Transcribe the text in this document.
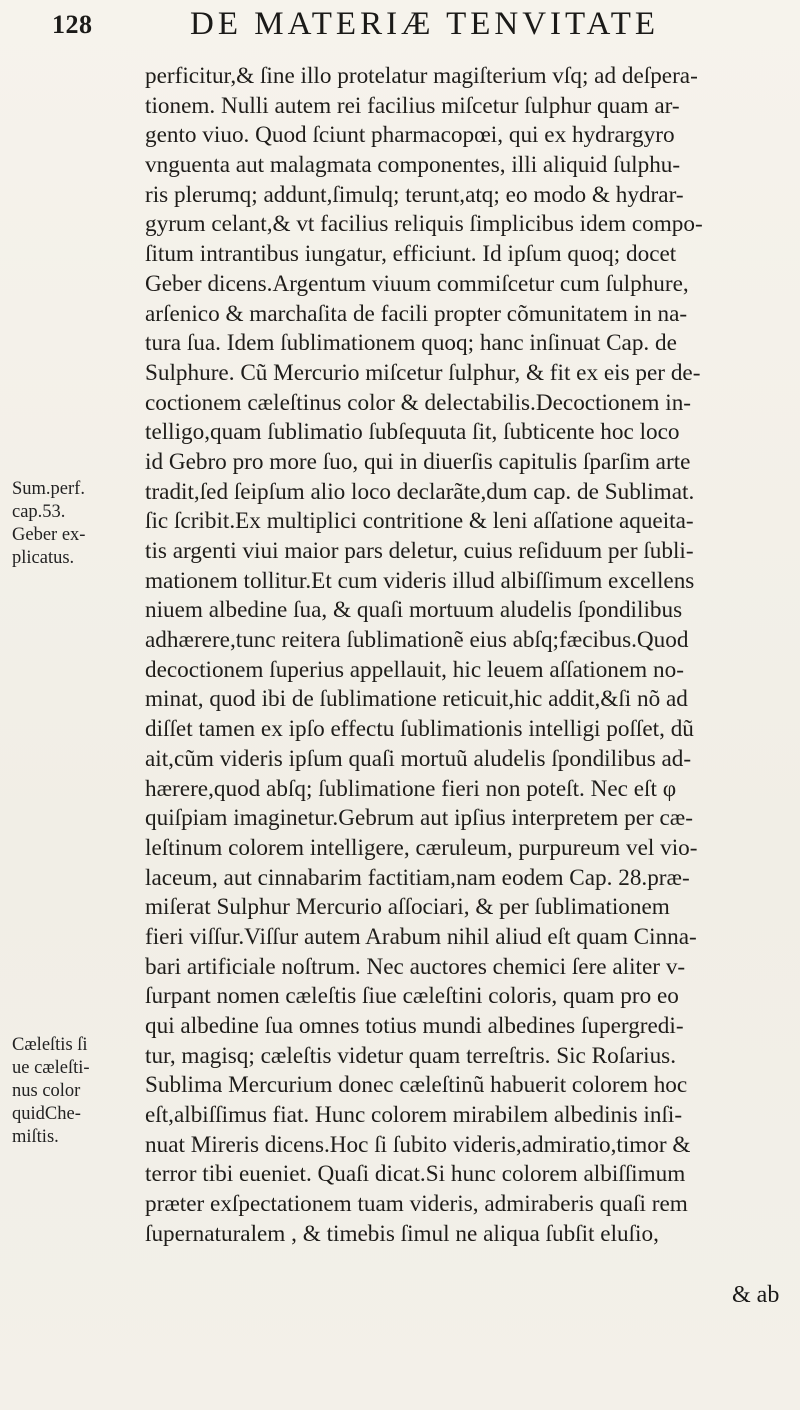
128	DE MATERIÆ TENVITATE
Sum.perf.
cap.53.
Geber ex-
plicatus.
Cæleſtis ſi
ue cæleſti-
nus color
quidChe-
miſtis.
perficitur,& ſine illo protelatur magiſterium vſq; ad deſpera-
tionem. Nulli autem rei facilius miſcetur ſulphur quam ar-
gento viuo. Quod ſciunt pharmacopœi, qui ex hydrargyro
vnguenta aut malagmata componentes, illi aliquid ſulphu-
ris plerumq; addunt,ſimulq; terunt,atq; eo modo & hydrar-
gyrum celant,& vt facilius reliquis ſimplicibus idem compo-
ſitum intrantibus iungatur, efficiunt. Id ipſum quoq; docet
Geber dicens.Argentum viuum commiſcetur cum ſulphure,
arſenico & marchaſita de facili propter cõmunitatem in na-
tura ſua. Idem ſublimationem quoq; hanc inſinuat Cap. de
Sulphure. Cũ Mercurio miſcetur ſulphur, & fit ex eis per de-
coctionem cæleſtinus color & delectabilis.Decoctionem in-
telligo,quam ſublimatio ſubſequuta ſit, ſubticente hoc loco
id Gebro pro more ſuo, qui in diuerſis capitulis ſparſim arte
tradit,ſed ſeipſum alio loco declarãte,dum cap. de Sublimat.
ſic ſcribit.Ex multiplici contritione & leni aſſatione aqueita-
tis argenti viui maior pars deletur, cuius reſiduum per ſubli-
mationem tollitur.Et cum videris illud albiſſimum excellens
niuem albedine ſua, & quaſi mortuum aludelis ſpondilibus
adhærere,tunc reitera ſublimationẽ eius abſq;fæcibus.Quod
decoctionem ſuperius appellauit, hic leuem aſſationem no-
minat, quod ibi de ſublimatione reticuit,hic addit,&ſi nõ ad
diſſet tamen ex ipſo effectu ſublimationis intelligi poſſet, dũ
ait,cũm videris ipſum quaſi mortuũ aludelis ſpondilibus ad-
hærere,quod abſq; ſublimatione fieri non poteſt. Nec eſt φ
quiſpiam imaginetur.Gebrum aut ipſius interpretem per cæ-
leſtinum colorem intelligere, cæruleum, purpureum vel vio-
laceum, aut cinnabarim factitiam,nam eodem Cap. 28.præ-
miſerat Sulphur Mercurio aſſociari, & per ſublimationem
fieri viſſur.Viſſur autem Arabum nihil aliud eſt quam Cinna-
bari artificiale noſtrum. Nec auctores chemici ſere aliter v-
ſurpant nomen cæleſtis ſiue cæleſtini coloris, quam pro eo
qui albedine ſua omnes totius mundi albedines ſupergredi-
tur, magisq; cæleſtis videtur quam terreſtris. Sic Roſarius.
Sublima Mercurium donec cæleſtinũ habuerit colorem hoc
eſt,albiſſimus fiat. Hunc colorem mirabilem albedinis inſi-
nuat Mireris dicens.Hoc ſi ſubito videris,admiratio,timor &
terror tibi eueniet. Quaſi dicat.Si hunc colorem albiſſimum
præter exſpectationem tuam videris, admiraberis quaſi rem
ſupernaturalem , & timebis ſimul ne aliqua ſubſit eluſio,
& ab
